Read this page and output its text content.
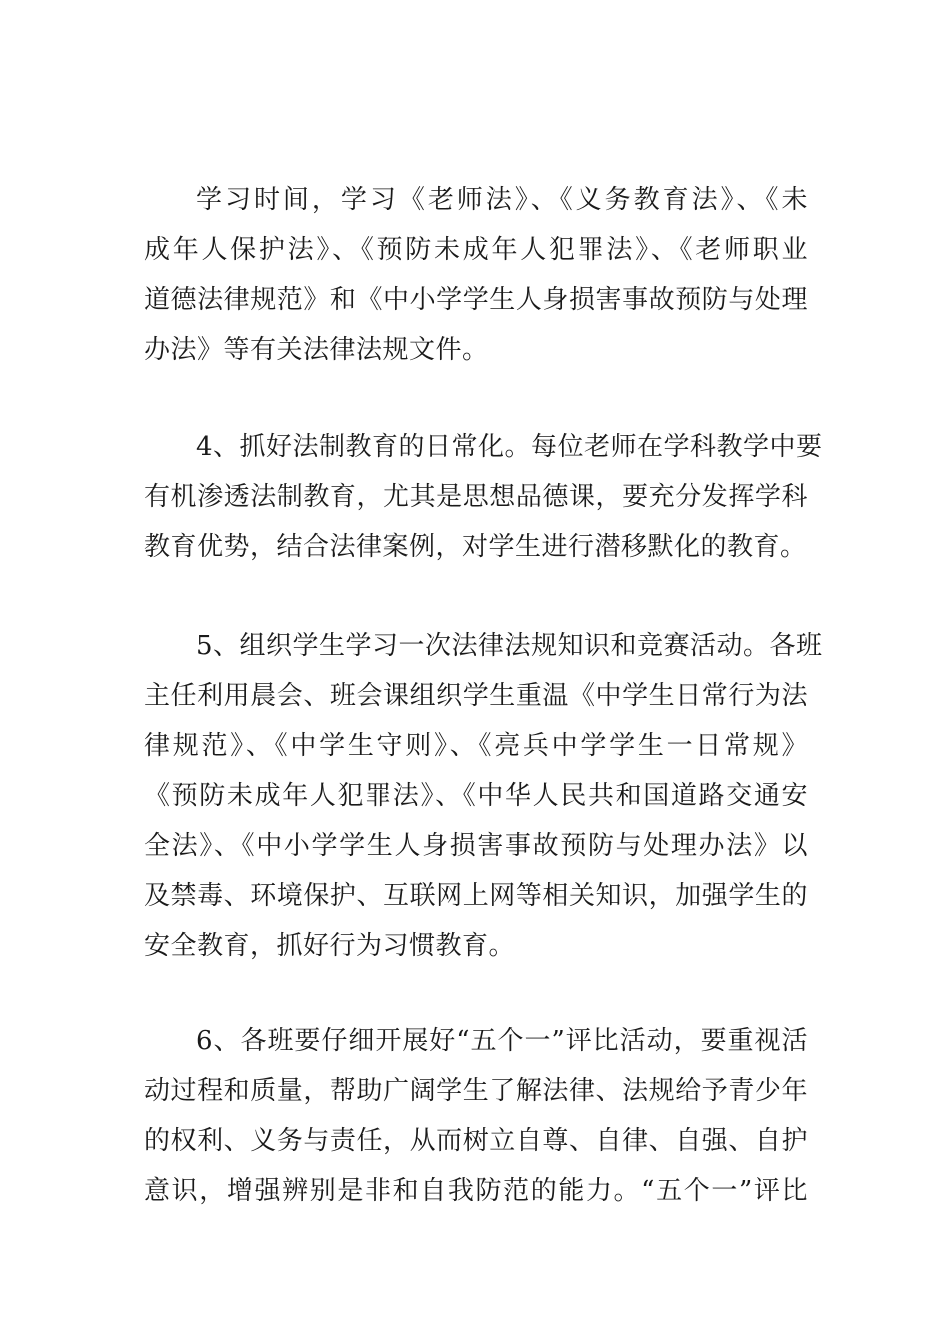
学习时间，学习《老师法》、《义务教育法》、《未
成年人保护法》、《预防未成年人犯罪法》、《老师职业
道德法律规范》和《中小学学生人身损害事故预防与处理
办法》等有关法律法规文件。
4、抓好法制教育的日常化。每位老师在学科教学中要
有机渗透法制教育，尤其是思想品德课，要充分发挥学科
教育优势，结合法律案例，对学生进行潜移默化的教育。
5、组织学生学习一次法律法规知识和竞赛活动。各班
主任利用晨会、班会课组织学生重温《中学生日常行为法
律规范》、《中学生守则》、《亮兵中学学生一日常规》
《预防未成年人犯罪法》、《中华人民共和国道路交通安
全法》、《中小学学生人身损害事故预防与处理办法》以
及禁毒、环境保护、互联网上网等相关知识，加强学生的
安全教育，抓好行为习惯教育。
6、各班要仔细开展好“五个一”评比活动，要重视活
动过程和质量，帮助广阔学生了解法律、法规给予青少年
的权利、义务与责任，从而树立自尊、自律、自强、自护
意识，增强辨别是非和自我防范的能力。“五个一”评比
